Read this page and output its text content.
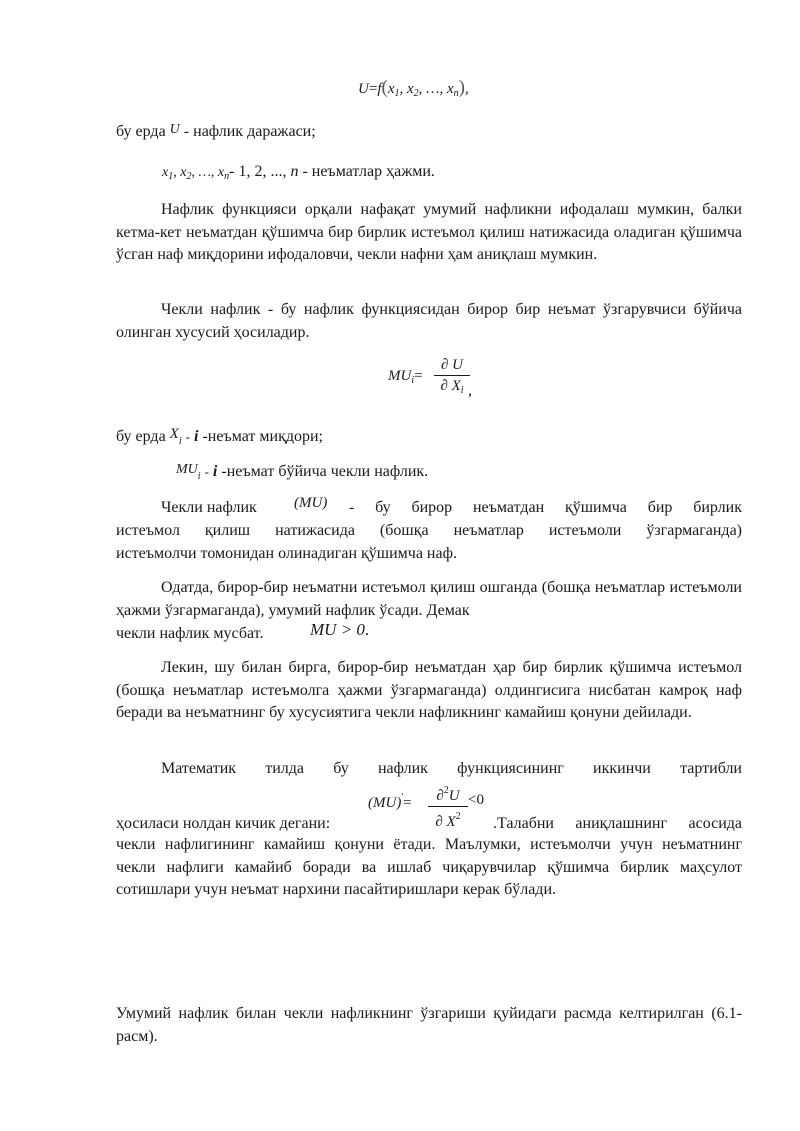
$U=f(x_1$, $x_2$, …, $x_n$),
бу ерда U - нафлик даражаси;
$x_1$, $x_2$, …, $x_n-$ 1, 2, ..., n - неъматлар ҳажми.
Нафлик функцияси орқали нафақат умумий нафликни ифодалаш мумкин, балки кетма-кет неъматдан қўшимча бир бирлик истеъмол қилиш натижасида оладиган қўшимча ўсган наф миқдорини ифодаловчи, чекли нафни ҳам аниқлаш мумкин.
Чекли нафлик - бу нафлик функциясидан бирор бир неъмат ўзгарувчиси бўйича олинган хусусий ҳосиладир.
$MU_i=$
∂ U
∂ $X_i$ ,
бу ерда $X_i$ - i -неъмат миқдори;
$MU_i$ - i -неъмат бўйича чекли нафлик.
Чекли нафлик (MU) - бу бирор неъматдан қўшимча бир бирлик
истеъмол қилиш натижасида (бошқа неъматлар истеъмоли ўзгармаганда)
истеъмолчи томонидан олинадиган қўшимча наф.
Одатда, бирор-бир неъматни истеъмол қилиш ошганда (бошқа неъматлар истеъмоли ҳажми ўзгармаганда), умумий нафлик ўсади. Демак
чекли нафлик мусбат.	MU > 0.
Лекин, шу билан бирга, бирор-бир неъматдан ҳар бир бирлик қўшимча истеъмол (бошқа неъматлар истеъмолга ҳажми ўзгармаганда) олдингисига нисбатан камроқ наф беради ва неъматнинг бу хусусиятига чекли нафликнинг камайиш қонуни дейилади.
Математик тилда бу нафлик функциясининг иккинчи тартибли
(MU)'=	∂$^2$U
∂ $X^2$
<0
ҳосиласи нолдан кичик дегани:	.Талабни аниқлашнинг асосида
чекли нафлигининг камайиш қонуни ётади. Маълумки, истеъмолчи учун неъматнинг чекли нафлиги камайиб боради ва ишлаб чиқарувчилар қўшимча бирлик маҳсулот сотишлари учун неъмат нархини пасайтиришлари керак бўлади.
Умумий нафлик билан чекли нафликнинг ўзгариши қуйидаги расмда келтирилган (6.1-расм).
